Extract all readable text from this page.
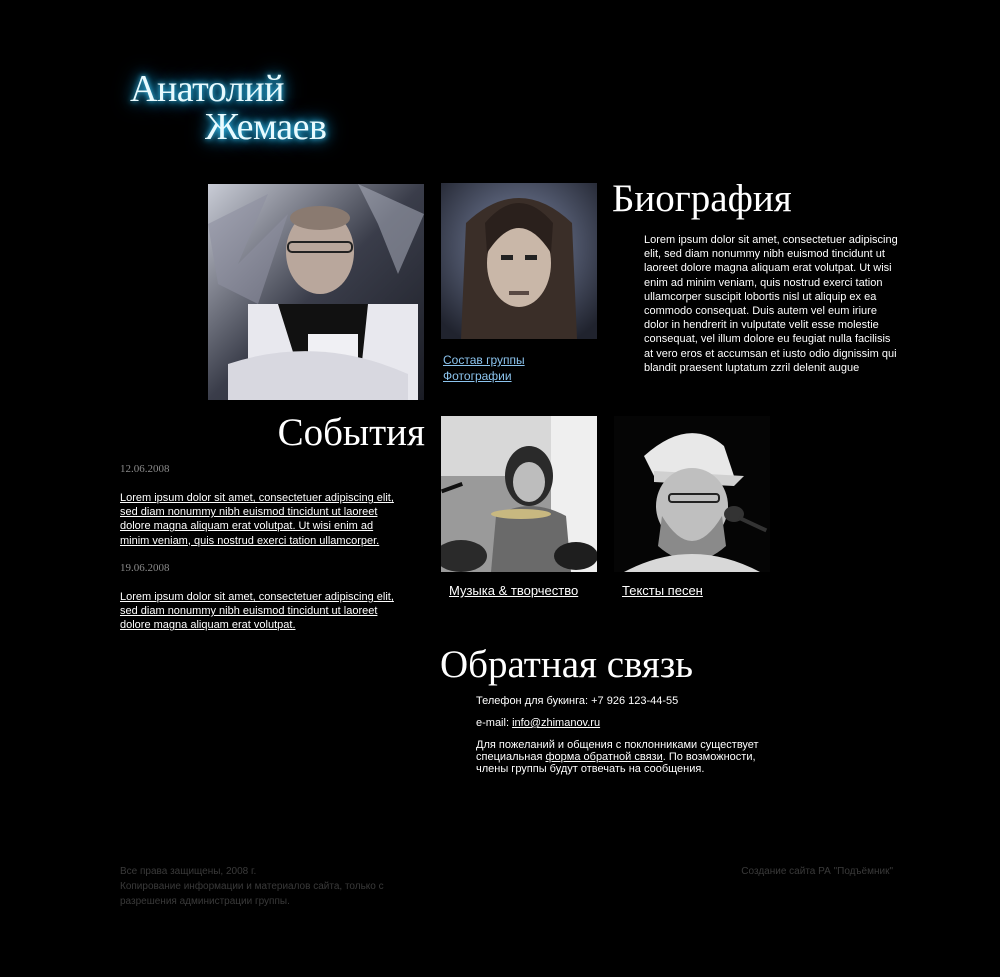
Анатолий
Жемаев
Биография
Lorem ipsum dolor sit amet, consectetuer adipiscing elit, sed diam nonummy nibh euismod tincidunt ut laoreet dolore magna aliquam erat volutpat. Ut wisi enim ad minim veniam, quis nostrud exerci tation ullamcorper suscipit lobortis nisl ut aliquip ex ea commodo consequat. Duis autem vel eum iriure dolor in hendrerit in vulputate velit esse molestie consequat, vel illum dolore eu feugiat nulla facilisis at vero eros et accumsan et iusto odio dignissim qui blandit praesent luptatum zzril delenit augue
Состав группы
Фотографии
События
12.06.2008
Lorem ipsum dolor sit amet, consectetuer adipiscing elit, sed diam nonummy nibh euismod tincidunt ut laoreet dolore magna aliquam erat volutpat. Ut wisi enim ad minim veniam, quis nostrud exerci tation ullamcorper.
19.06.2008
Lorem ipsum dolor sit amet, consectetuer adipiscing elit, sed diam nonummy nibh euismod tincidunt ut laoreet dolore magna aliquam erat volutpat.
Музыка & творчество	Тексты песен
Обратная связь

Телефон для букинга: +7 926 123-44-55

e-mail: info@zhimanov.ru

Для пожеланий и общения с поклонниками существует специальная форма обратной связи. По возможности, члены группы будут отвечать на сообщения.

Все права защищены, 2008 г.
Копирование информации и материалов сайта, только с
разрешения администрации группы.
Создание сайта РА "Подъёмник"
